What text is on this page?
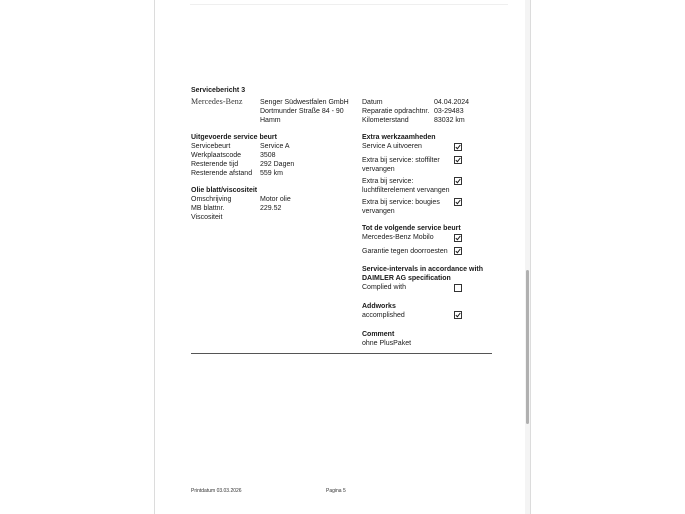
Servicebericht 3
Mercedes-Benz	Senger Südwestfalen GmbH
Dortmunder Straße 84 - 90
Hamm
Datum	04.04.2024
Reparatie opdrachtnr. 03-29483
Kilometerstand	83032 km
Uitgevoerde service beurt
Servicebeurt	Service A
Werkplaatscode	3508
Resterende tijd	292 Dagen
Resterende afstand 559 km
Olie blatt/viscositeit
Omschrijving	Motor olie
MB blattnr.	229.52
Viscositeit
Extra werkzaamheden
Service A uitvoeren
Extra bij service: stoffilter
vervangen
Extra bij service:
luchtfilterelement vervangen
Extra bij service: bougies
vervangen
Tot de volgende service beurt
Mercedes-Benz Mobilo
Garantie tegen doorroesten
Service-intervals in accordance with
DAIMLER AG specification
Complied with
Addworks
accomplished
Comment
ohne PlusPaket
Printdatum 03.03.2026	Pagina 5
